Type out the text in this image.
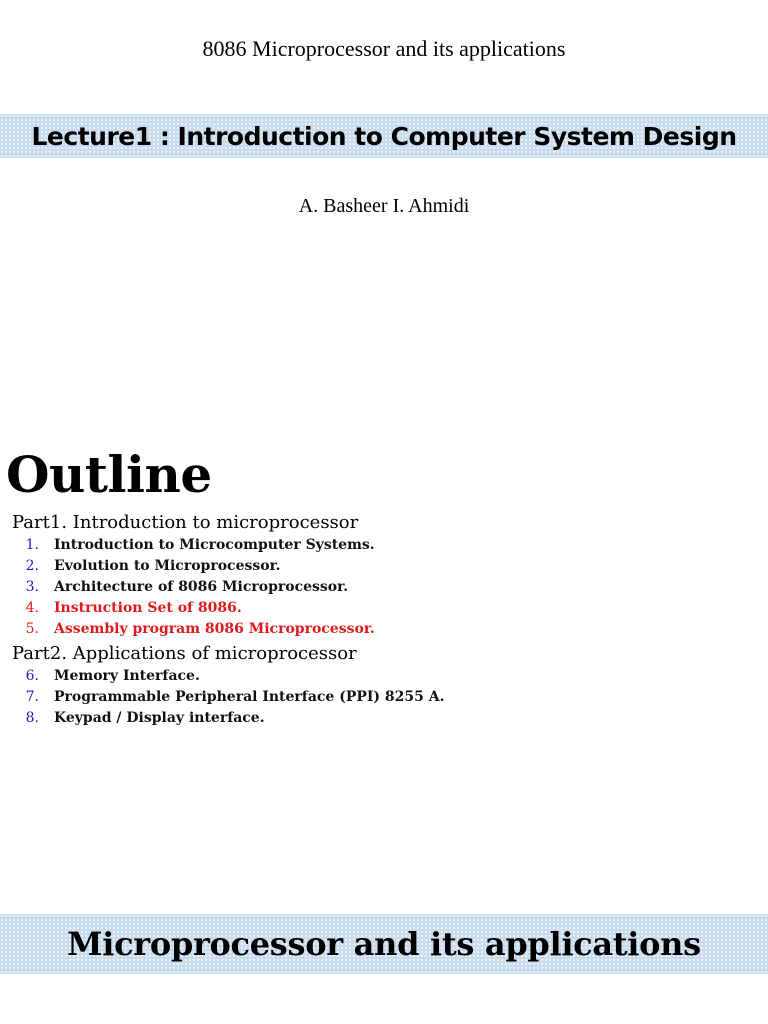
8086 Microprocessor and its applications
Lecture1 : Introduction to Computer System Design
A. Basheer I. Ahmidi
Outline
Part1. Introduction to microprocessor
1.	Introduction to Microcomputer Systems.
2.	Evolution to Microprocessor.
3.	Architecture of 8086 Microprocessor.
4.	Instruction Set of 8086.
5.	Assembly program 8086 Microprocessor.
Part2. Applications of microprocessor
6.	Memory Interface.
7.	Programmable Peripheral Interface (PPI) 8255 A.
8.	Keypad / Display interface.
Microprocessor and its applications
